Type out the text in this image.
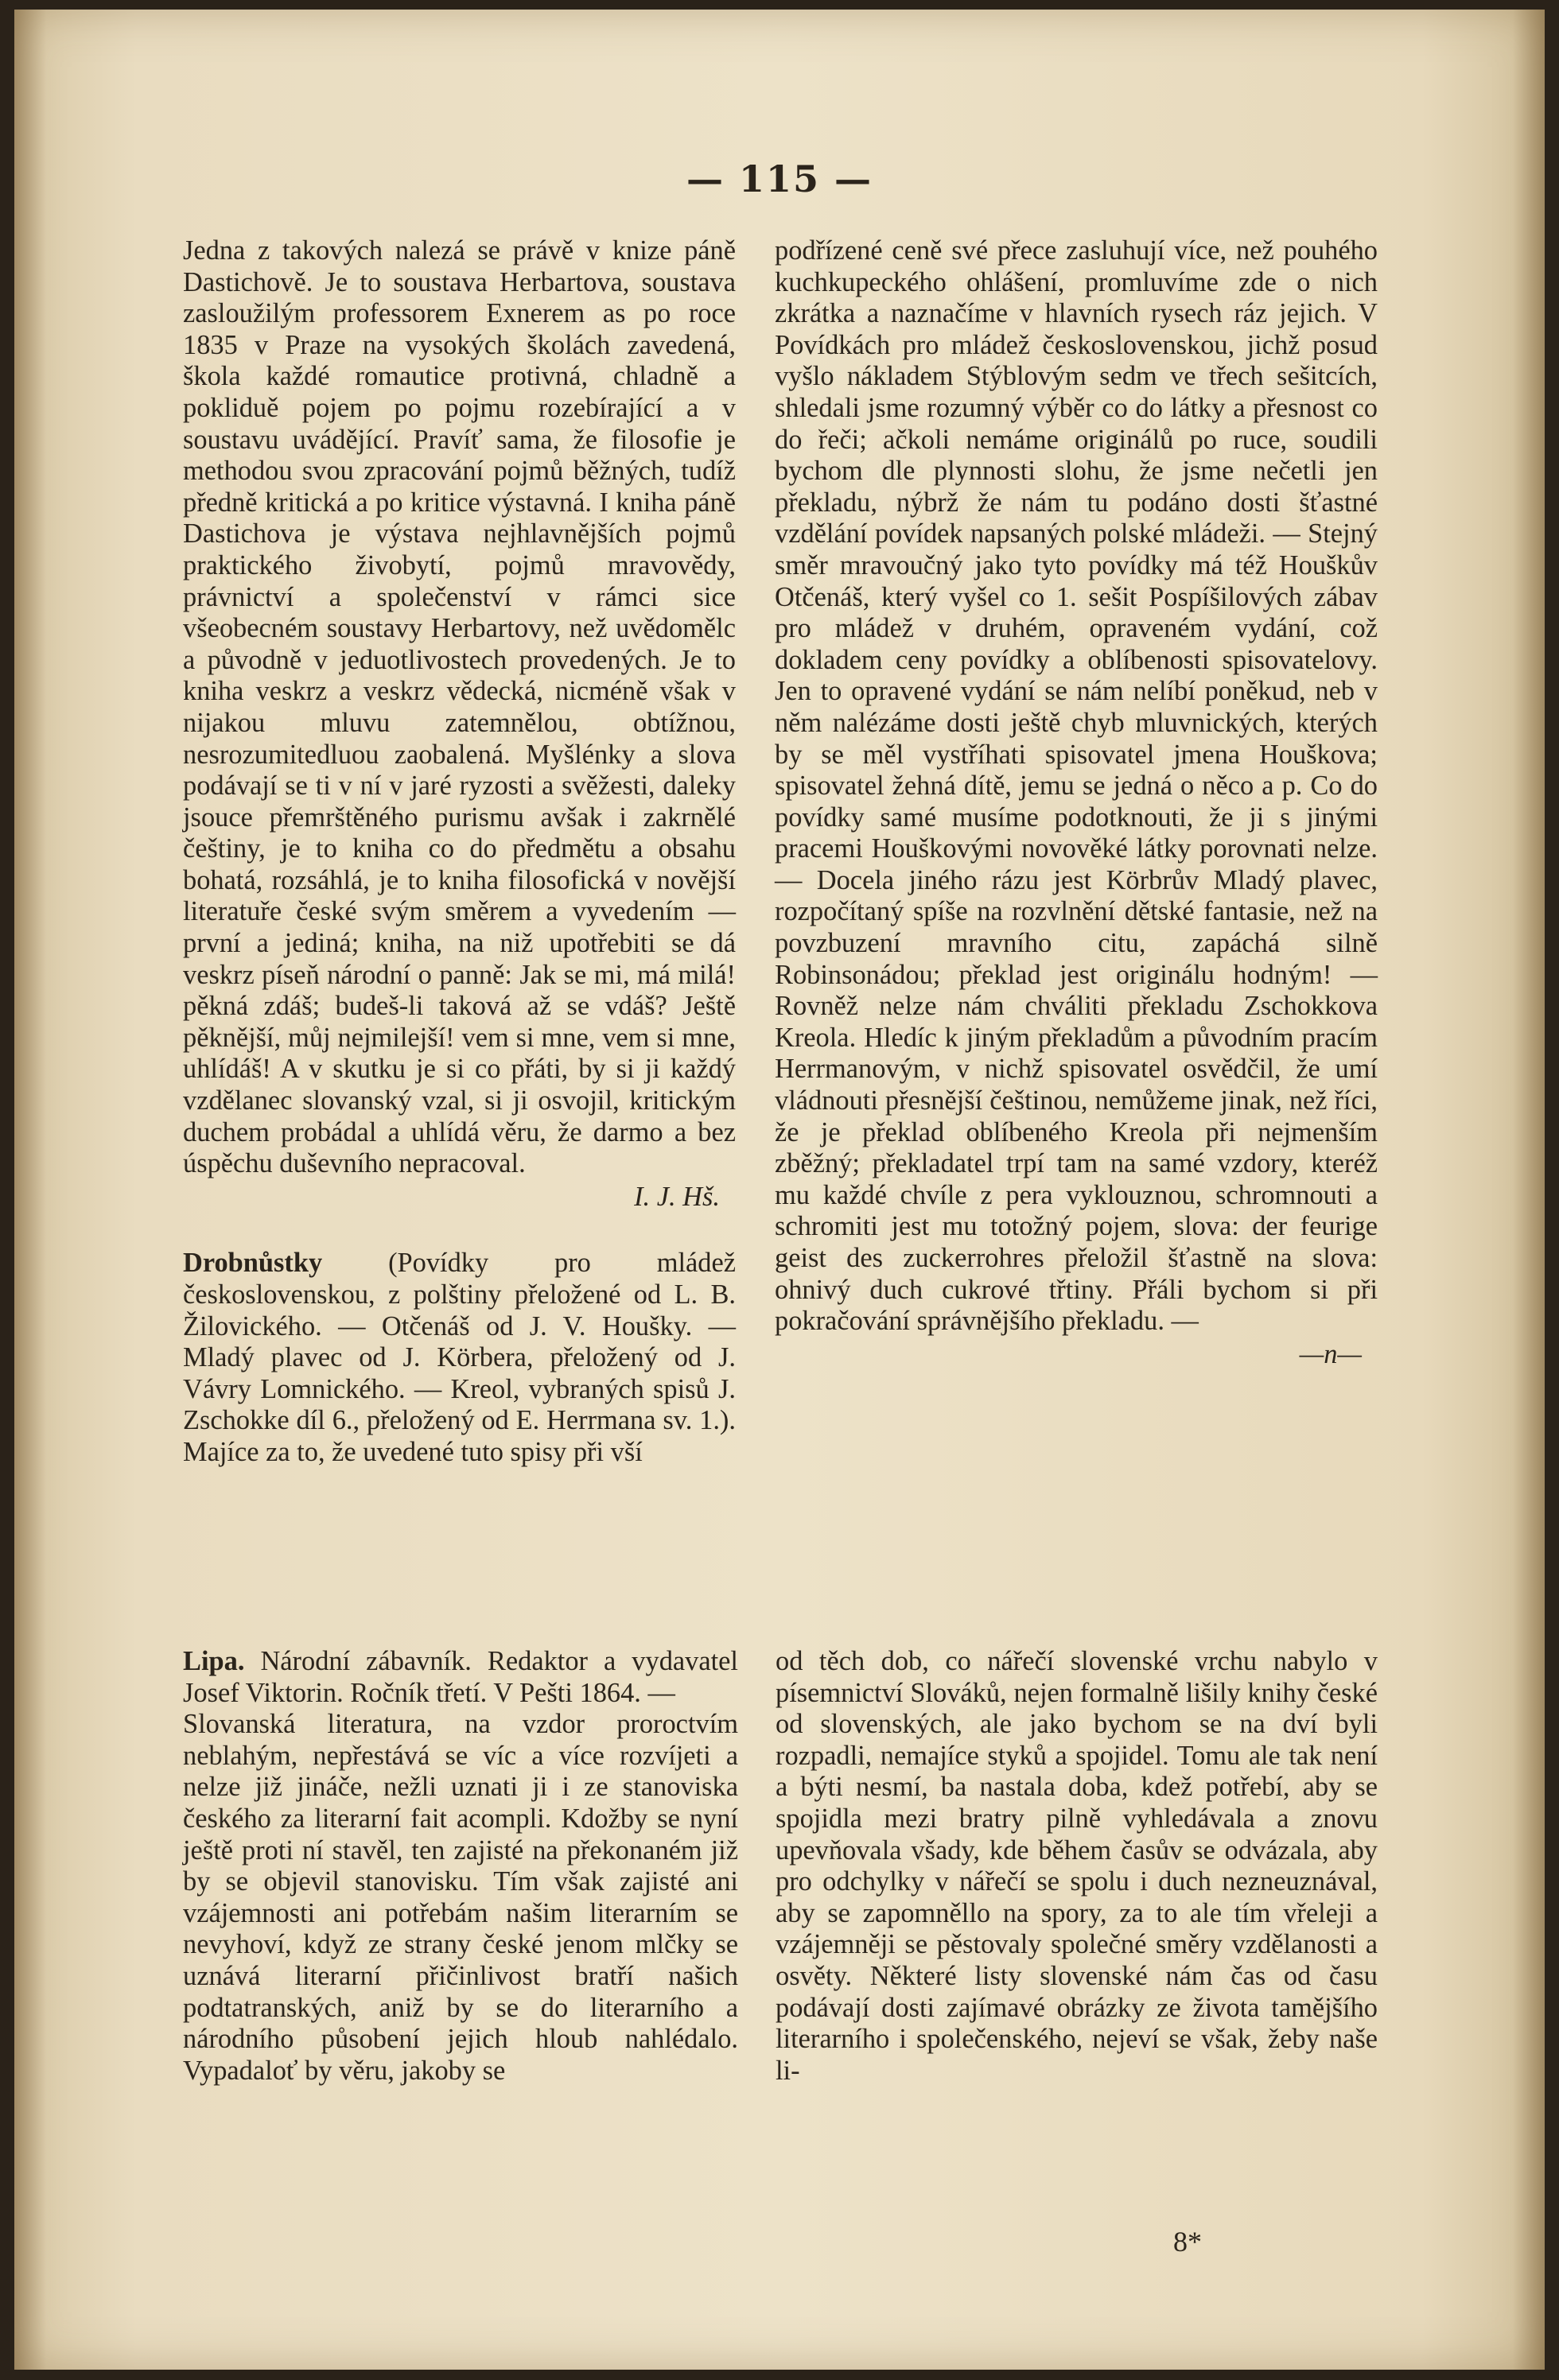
— 115 —

Jedna z takových nalezá se právě v knize páně Dastichově. Je to soustava Herbartova, soustava zasloužilým professorem Exnerem as po roce 1835 v Praze na vysokých školách zavedená, škola každé romautice protivná, chladně a pokliduě pojem po pojmu rozebírající a v soustavu uvádějící. Pravíť sama, že filosofie je methodou svou zpracování pojmů běžných, tudíž předně kritická a po kritice výstavná. I kniha páně Dastichova je výstava nejhlavnějších pojmů praktického živobytí, pojmů mravovědy, právnictví a společenství v rámci sice všeobecném soustavy Herbartovy, než uvědomělc a původně v jeduotlivostech provedených. Je to kniha veskrz a veskrz vědecká, nicméně však v nijakou mluvu zatemnělou, obtížnou, nesrozumitedluou zaobalená. Myšlénky a slova podávají se ti v ní v jaré ryzosti a svěžesti, daleky jsouce přemrštěného purismu avšak i zakrnělé češtiny, je to kniha co do předmětu a obsahu bohatá, rozsáhlá, je to kniha filosofická v novější literatuře české svým směrem a vyvedením — první a jediná; kniha, na niž upotřebiti se dá veskrz píseň národní o panně: Jak se mi, má milá! pěkná zdáš; budeš-li taková až se vdáš? Ještě pěknější, můj nejmilejší! vem si mne, vem si mne, uhlídáš! A v skutku je si co přáti, by si ji každý vzdělanec slovanský vzal, si ji osvojil, kritickým duchem probádal a uhlídá věru, že darmo a bez úspěchu duševního nepracoval.

I. J. Hš.

Drobnůstky (Povídky pro mládež československou, z polštiny přeložené od L. B. Žilovického. — Otčenáš od J. V. Houšky. — Mladý plavec od J. Körbera, přeložený od J. Vávry Lomnického. — Kreol, vybraných spisů J. Zschokke díl 6., přeložený od E. Herrmana sv. 1.). Majíce za to, že uvedené tuto spisy při vší

podřízené ceně své přece zasluhují více, než pouhého kuchkupeckého ohlášení, promluvíme zde o nich zkrátka a naznačíme v hlavních rysech ráz jejich. V Povídkách pro mládež československou, jichž posud vyšlo nákladem Stýblovým sedm ve třech sešitcích, shledali jsme rozumný výběr co do látky a přesnost co do řeči; ačkoli nemáme originálů po ruce, soudili bychom dle plynnosti slohu, že jsme nečetli jen překladu, nýbrž že nám tu podáno dosti šťastné vzdělání povídek napsaných polské mládeži. — Stejný směr mravoučný jako tyto povídky má též Houškův Otčenáš, který vyšel co 1. sešit Pospíšilových zábav pro mládež v druhém, opraveném vydání, což dokladem ceny povídky a oblíbenosti spisovatelovy. Jen to opravené vydání se nám nelíbí poněkud, neb v něm nalézáme dosti ještě chyb mluvnických, kterých by se měl vystříhati spisovatel jmena Houškova; spisovatel žehná dítě, jemu se jedná o něco a p. Co do povídky samé musíme podotknouti, že ji s jinými pracemi Houškovými novověké látky porovnati nelze. — Docela jiného rázu jest Körbrův Mladý plavec, rozpočítaný spíše na rozvlnění dětské fantasie, než na povzbuzení mravního citu, zapáchá silně Robinsonádou; překlad jest originálu hodným! — Rovněž nelze nám chváliti překladu Zschokkova Kreola. Hledíc k jiným překladům a původním pracím Herrmanovým, v nichž spisovatel osvědčil, že umí vládnouti přesnější češtinou, nemůžeme jinak, než říci, že je překlad oblíbeného Kreola při nejmenším zběžný; překladatel trpí tam na samé vzdory, kteréž mu každé chvíle z pera vyklouznou, schromnouti a schromiti jest mu totožný pojem, slova: der feurige geist des zuckerrohres přeložil šťastně na slova: ohnivý duch cukrové třtiny. Přáli bychom si při pokračování správnějšího překladu. —

—n—

Lipa. Národní zábavník. Redaktor a vydavatel Josef Viktorin. Ročník třetí. V Pešti 1864. —

Slovanská literatura, na vzdor proroctvím neblahým, nepřestává se víc a více rozvíjeti a nelze již jináče, nežli uznati ji i ze stanoviska českého za literarní fait acompli. Kdožby se nyní ještě proti ní stavěl, ten zajisté na překonaném již by se objevil stanovisku. Tím však zajisté ani vzájemnosti ani potřebám našim literarním se nevyhoví, když ze strany české jenom mlčky se uznává literarní přičinlivost bratří našich podtatranských, aniž by se do literarního a národního působení jejich hloub nahlédalo. Vypadaloť by věru, jakoby se

od těch dob, co nářečí slovenské vrchu nabylo v písemnictví Slováků, nejen formalně lišily knihy české od slovenských, ale jako bychom se na dví byli rozpadli, nemajíce styků a spojidel. Tomu ale tak není a býti nesmí, ba nastala doba, kdež potřebí, aby se spojidla mezi bratry pilně vyhledávala a znovu upevňovala všady, kde během časův se odvázala, aby pro odchylky v nářečí se spolu i duch nezneuznával, aby se zapomněllo na spory, za to ale tím vřeleji a vzájemněji se pěstovaly společné směry vzdělanosti a osvěty. Některé listy slovenské nám čas od času podávají dosti zajímavé obrázky ze života tamějšího literarního i společenského, nejeví se však, žeby naše li-

8*
